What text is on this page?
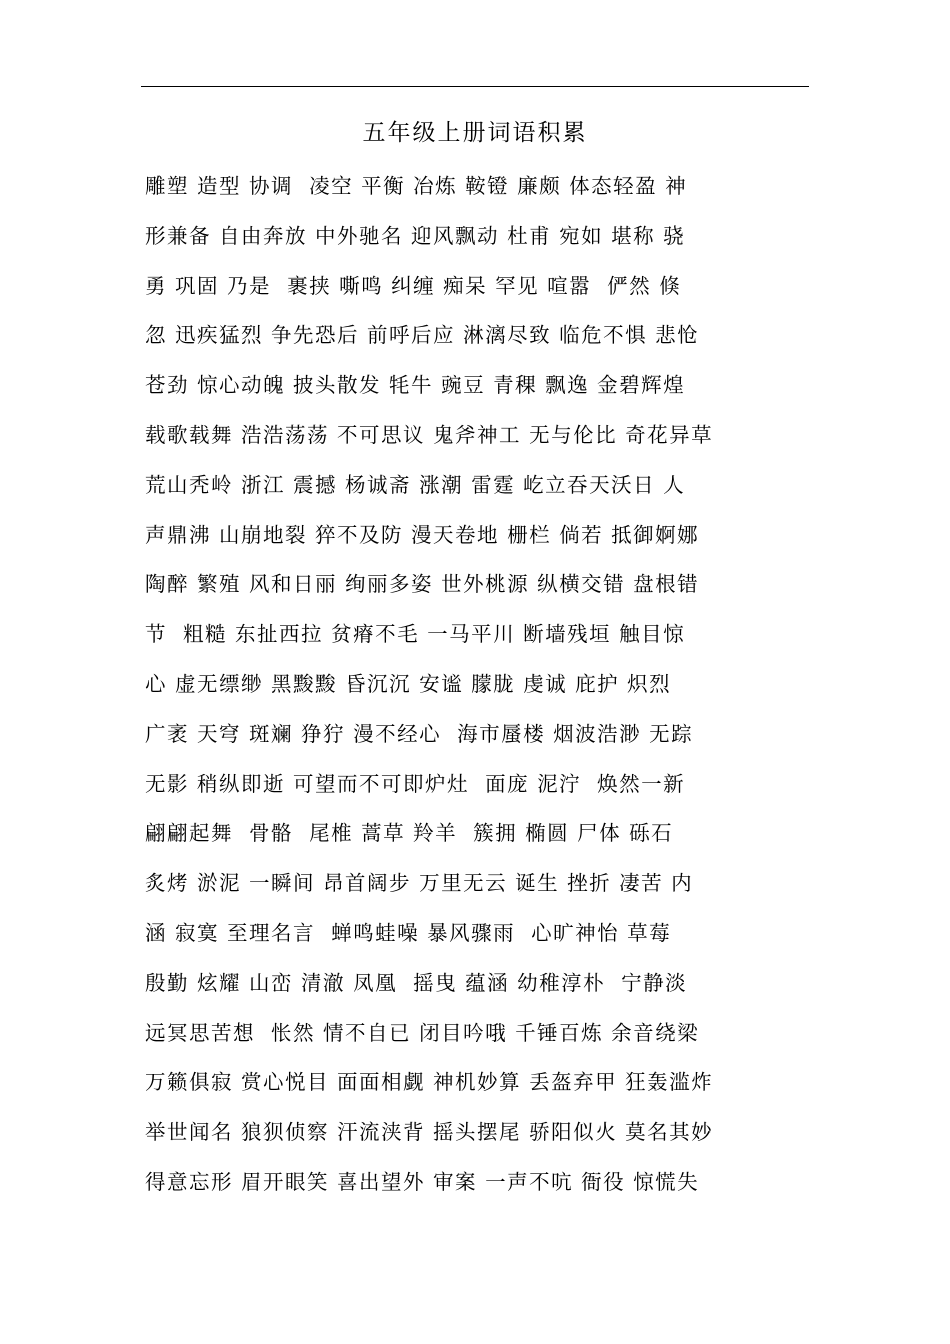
五年级上册词语积累
雕塑 造型 协调  凌空 平衡 冶炼 鞍镫 廉颇 体态轻盈 神
形兼备 自由奔放 中外驰名 迎风飘动 杜甫 宛如 堪称 骁
勇 巩固 乃是  裹挟 嘶鸣 纠缠 痴呆 罕见 喧嚣  俨然 倏
忽 迅疾猛烈 争先恐后 前呼后应 淋漓尽致 临危不惧 悲怆
苍劲 惊心动魄 披头散发 牦牛 豌豆 青稞 飘逸 金碧辉煌
载歌载舞 浩浩荡荡 不可思议 鬼斧神工 无与伦比 奇花异草
荒山秃岭 浙江 震撼 杨诚斋 涨潮 雷霆 屹立吞天沃日 人
声鼎沸 山崩地裂 猝不及防 漫天卷地 栅栏 倘若 抵御婀娜
陶醉 繁殖 风和日丽 绚丽多姿 世外桃源 纵横交错 盘根错
节  粗糙 东扯西拉 贫瘠不毛 一马平川 断墙残垣 触目惊
心 虚无缥缈 黑黢黢 昏沉沉 安谧 朦胧 虔诚 庇护 炽烈
广袤 天穹 斑斓 狰狞 漫不经心  海市蜃楼 烟波浩渺 无踪
无影 稍纵即逝 可望而不可即炉灶  面庞 泥泞  焕然一新
翩翩起舞  骨骼  尾椎 蒿草 羚羊  簇拥 椭圆 尸体 砾石
炙烤 淤泥 一瞬间 昂首阔步 万里无云 诞生 挫折 凄苦 内
涵 寂寞 至理名言  蝉鸣蛙噪 暴风骤雨  心旷神怡 草莓
殷勤 炫耀 山峦 清澈 凤凰  摇曳 蕴涵 幼稚淳朴  宁静淡
远冥思苦想  怅然 情不自已 闭目吟哦 千锤百炼 余音绕梁
万籁俱寂 赏心悦目 面面相觑 神机妙算 丢盔弃甲 狂轰滥炸
举世闻名 狼狈侦察 汗流浃背 摇头摆尾 骄阳似火 莫名其妙
得意忘形 眉开眼笑 喜出望外 审案 一声不吭 衙役 惊慌失
